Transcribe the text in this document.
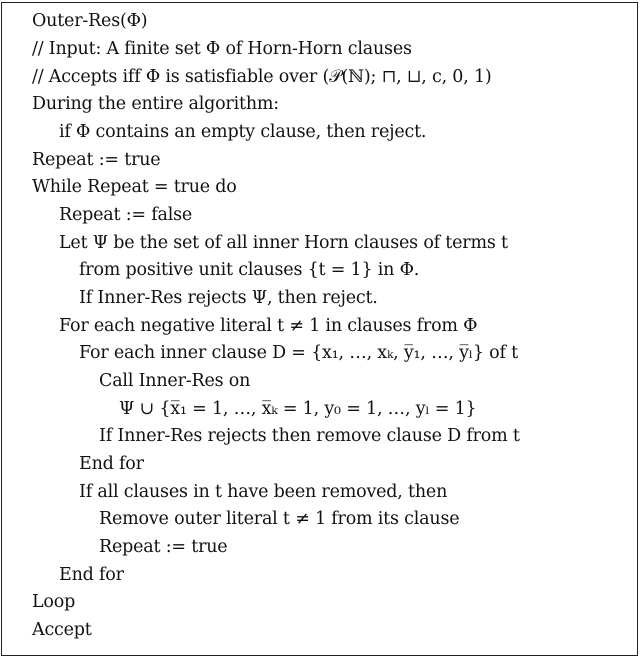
Outer-Res(Φ)
// Input: A finite set Φ of Horn-Horn clauses
// Accepts iff Φ is satisfiable over (𝒫(ℕ); ⊓, ⊔, c, 0, 1)
During the entire algorithm:
if Φ contains an empty clause, then reject.
Repeat := true
While Repeat = true do
Repeat := false
Let Ψ be the set of all inner Horn clauses of terms t
from positive unit clauses {t = 1} in Φ.
If Inner-Res rejects Ψ, then reject.
For each negative literal t ≠ 1 in clauses from Φ
For each inner clause D = {x₁, …, xₖ, y̅₁, …, y̅ₗ} of t
Call Inner-Res on
Ψ ∪ {x̅₁ = 1, …, x̅ₖ = 1, y₀ = 1, …, yₗ = 1}
If Inner-Res rejects then remove clause D from t
End for
If all clauses in t have been removed, then
Remove outer literal t ≠ 1 from its clause
Repeat := true
End for
Loop
Accept
